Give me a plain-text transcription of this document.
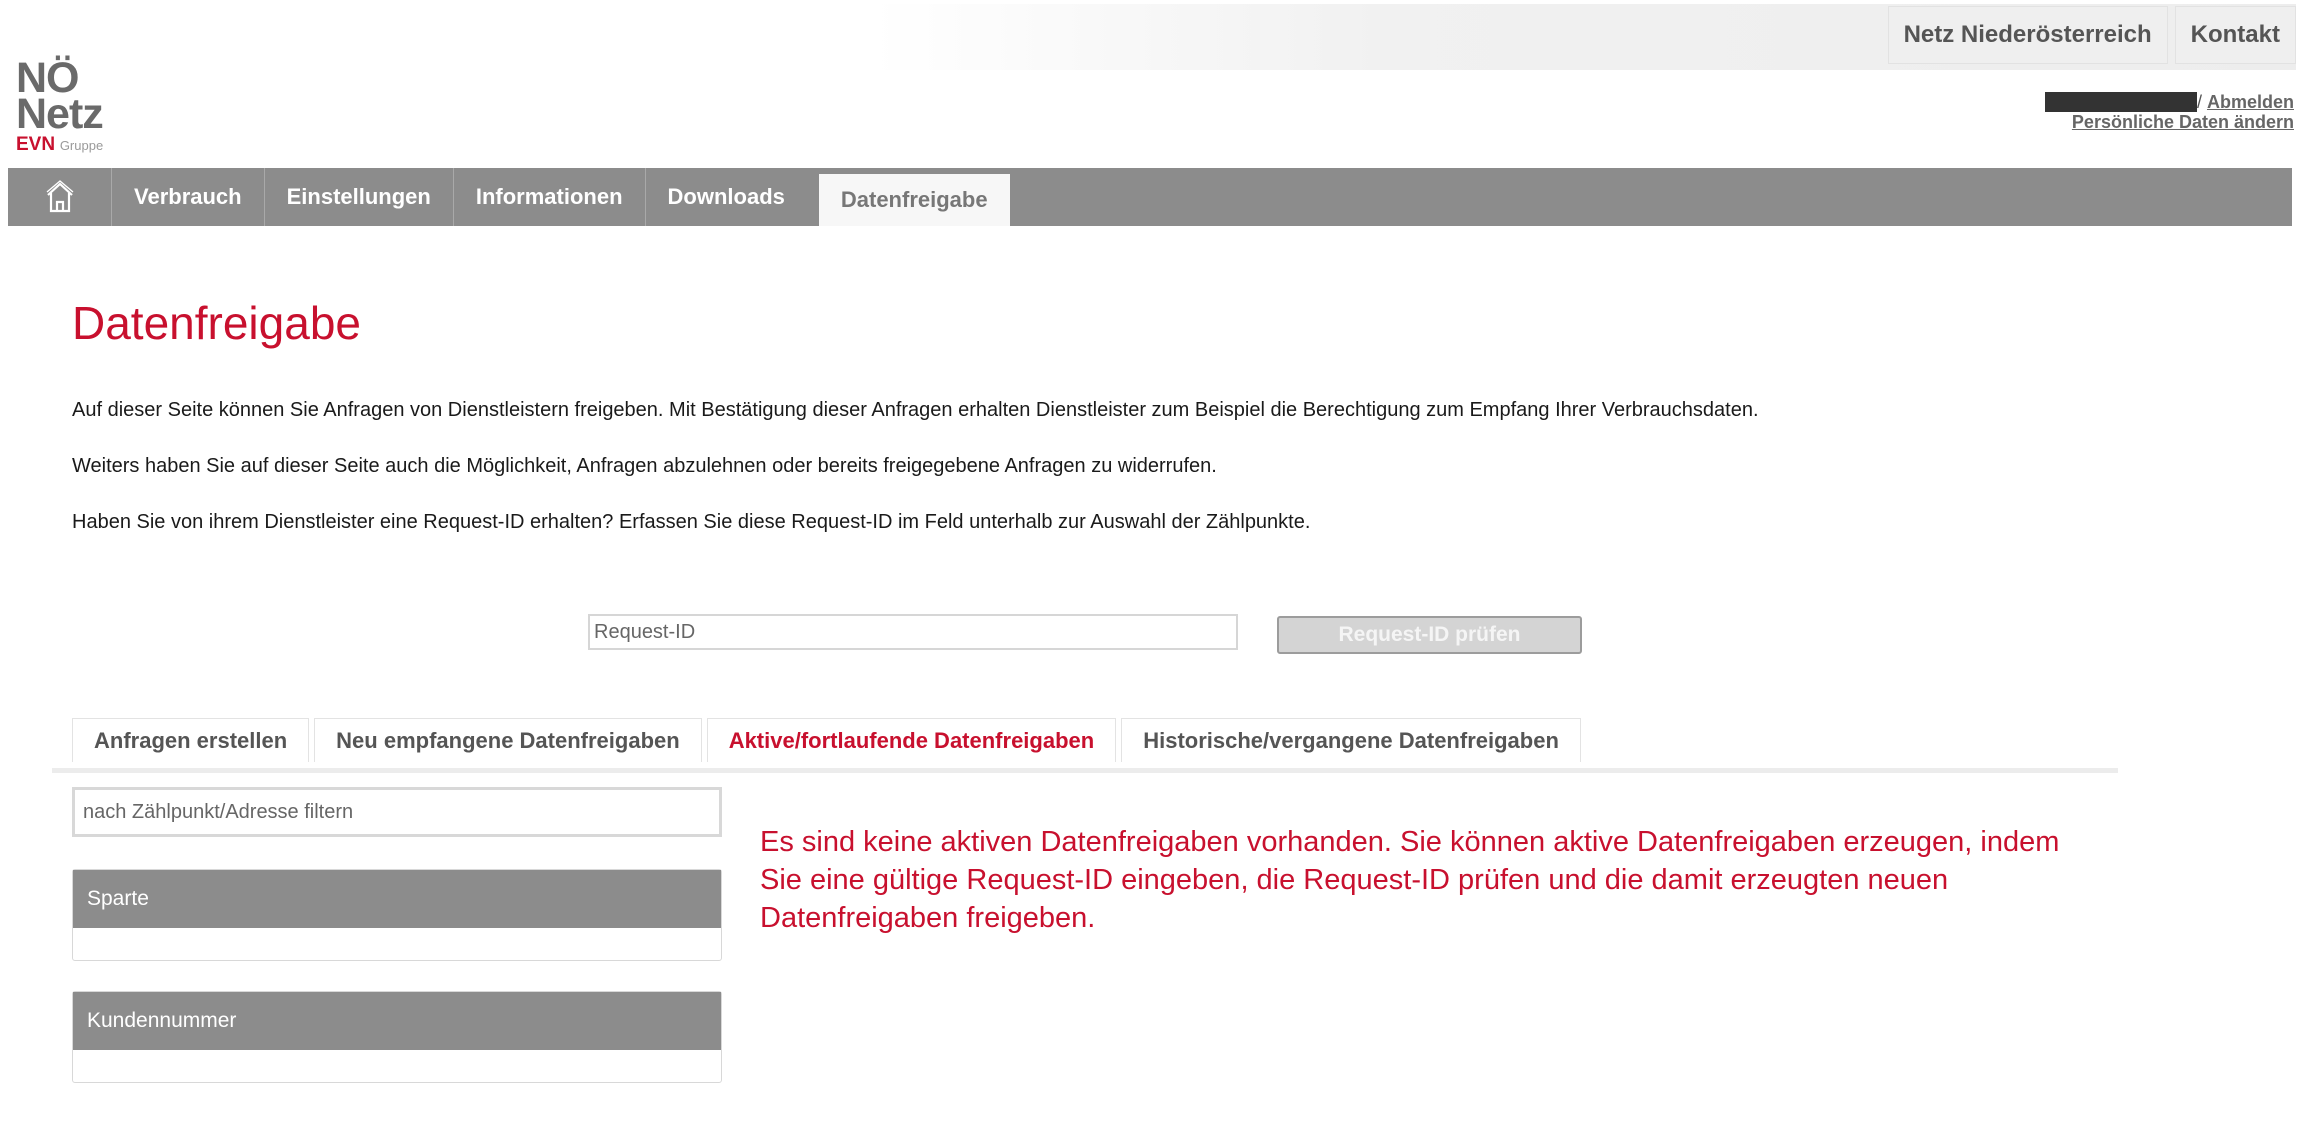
Netz Niederösterreich	Kontakt
NÖ
Netz
EVN Gruppe
/ Abmelden
Persönliche Daten ändern
Verbrauch	Einstellungen	Informationen	Downloads	Datenfreigabe
Datenfreigabe

Auf dieser Seite können Sie Anfragen von Dienstleistern freigeben. Mit Bestätigung dieser Anfragen erhalten Dienstleister zum Beispiel die Berechtigung zum Empfang Ihrer Verbrauchsdaten.

Weiters haben Sie auf dieser Seite auch die Möglichkeit, Anfragen abzulehnen oder bereits freigegebene Anfragen zu widerrufen.

Haben Sie von ihrem Dienstleister eine Request-ID erhalten? Erfassen Sie diese Request-ID im Feld unterhalb zur Auswahl der Zählpunkte.

Request-ID
Request-ID prüfen
Anfragen erstellen	Neu empfangene Datenfreigaben	Aktive/fortlaufende Datenfreigaben	Historische/vergangene Datenfreigaben
nach Zählpunkt/Adresse filtern
Sparte
Kundennummer
Es sind keine aktiven Datenfreigaben vorhanden. Sie können aktive Datenfreigaben erzeugen, indem Sie eine gültige Request-ID eingeben, die Request-ID prüfen und die damit erzeugten neuen Datenfreigaben freigeben.
